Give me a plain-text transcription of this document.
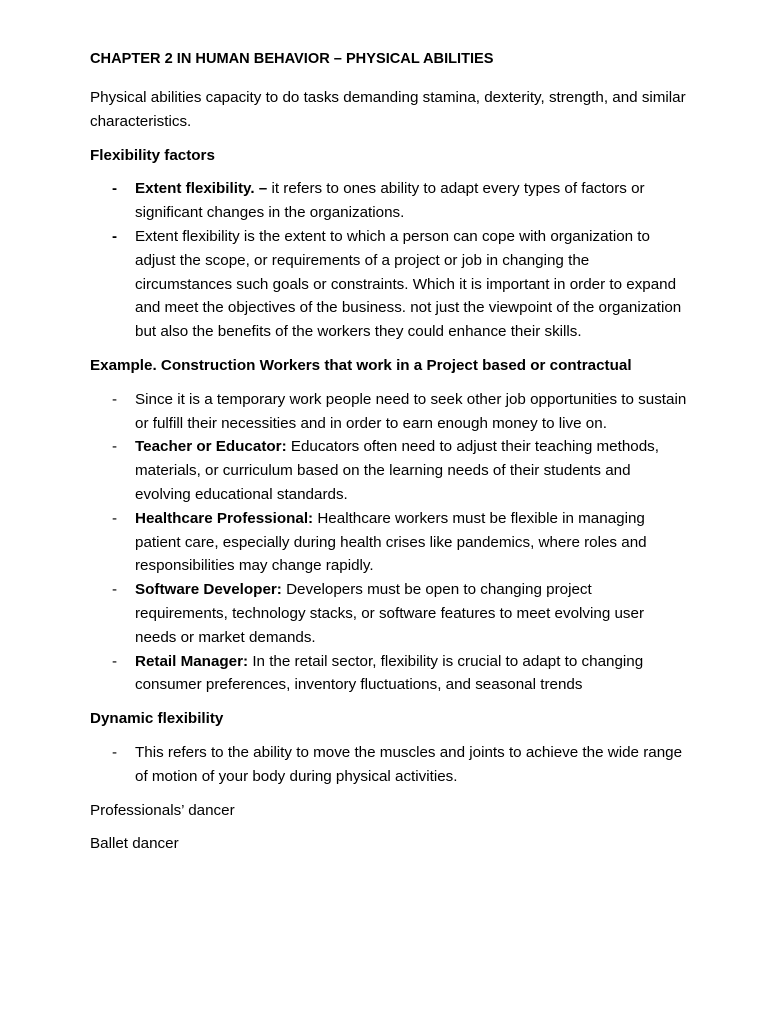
CHAPTER 2 IN HUMAN BEHAVIOR – PHYSICAL ABILITIES

Physical abilities capacity to do tasks demanding stamina, dexterity, strength, and similar characteristics.

Flexibility factors

- Extent flexibility. – it refers to ones ability to adapt every types of factors or significant changes in the organizations.
- Extent flexibility is the extent to which a person can cope with organization to adjust the scope, or requirements of a project or job in changing the circumstances such goals or constraints. Which it is important in order to expand and meet the objectives of the business. not just the viewpoint of the organization but also the benefits of the workers they could enhance their skills.

Example. Construction Workers that work in a Project based or contractual

- Since it is a temporary work people need to seek other job opportunities to sustain or fulfill their necessities and in order to earn enough money to live on.
- Teacher or Educator: Educators often need to adjust their teaching methods, materials, or curriculum based on the learning needs of their students and evolving educational standards.
- Healthcare Professional: Healthcare workers must be flexible in managing patient care, especially during health crises like pandemics, where roles and responsibilities may change rapidly.
- Software Developer: Developers must be open to changing project requirements, technology stacks, or software features to meet evolving user needs or market demands.
- Retail Manager: In the retail sector, flexibility is crucial to adapt to changing consumer preferences, inventory fluctuations, and seasonal trends

Dynamic flexibility

- This refers to the ability to move the muscles and joints to achieve the wide range of motion of your body during physical activities.

Professionals’ dancer

Ballet dancer
